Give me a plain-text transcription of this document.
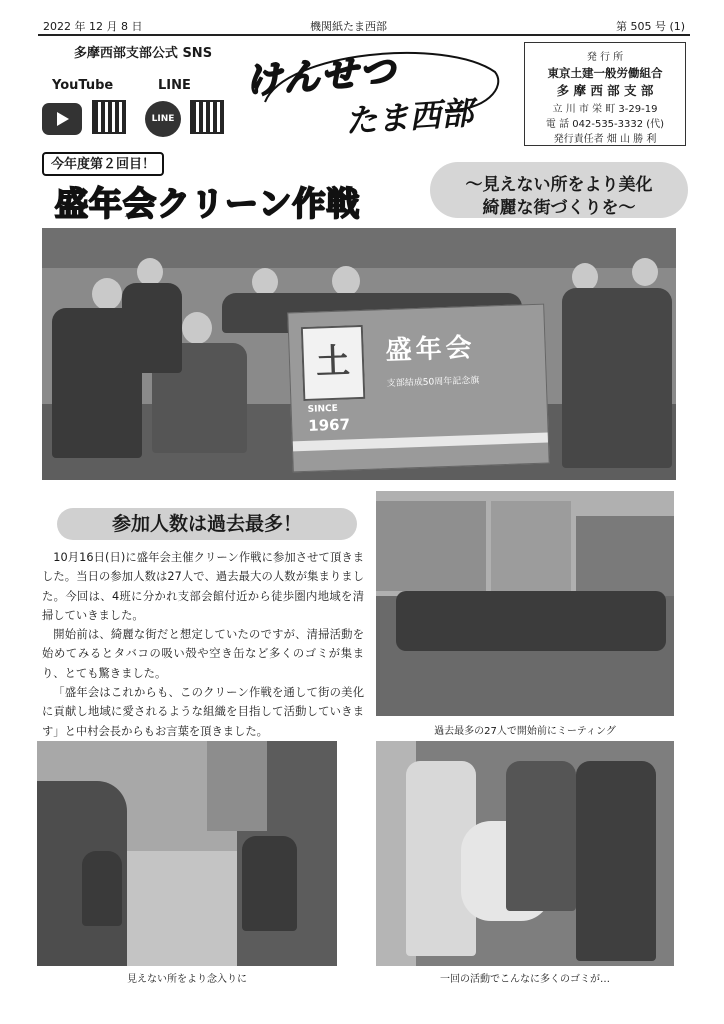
2022 年 12 月 8 日	機関紙たま西部	第 505 号 (1)
多摩西部支部公式 SNS
YouTube	LINE
LINE
けんせつ
たま西部
発 行 所
東京土建一般労働組合
多 摩 西 部 支 部
立 川 市 栄 町 3-29-19
電 話 042-535-3332 (代)
発行責任者 畑 山 勝 利
今年度第２回目！
盛年会クリーン作戦	～見えない所をより美化
綺麗な街づくりを～
土
SINCE
1967
盛年会
支部結成50周年記念旗
参加人数は過去最多！

10月16日(日)に盛年会主催クリーン作戦に参加させて頂きました。当日の参加人数は27人で、過去最大の人数が集まりました。今回は、4班に分かれ支部会館付近から徒歩圏内地域を清掃していきました。

開始前は、綺麗な街だと想定していたのですが、清掃活動を始めてみるとタバコの吸い殻や空き缶など多くのゴミが集まり、とても驚きました。

「盛年会はこれからも、このクリーン作戦を通して街の美化に貢献し地域に愛されるような組織を目指して活動していきます」と中村会長からもお言葉を頂きました。	過去最多の27人で開始前にミーティング
見えない所をより念入りに	一回の活動でこんなに多くのゴミが…
